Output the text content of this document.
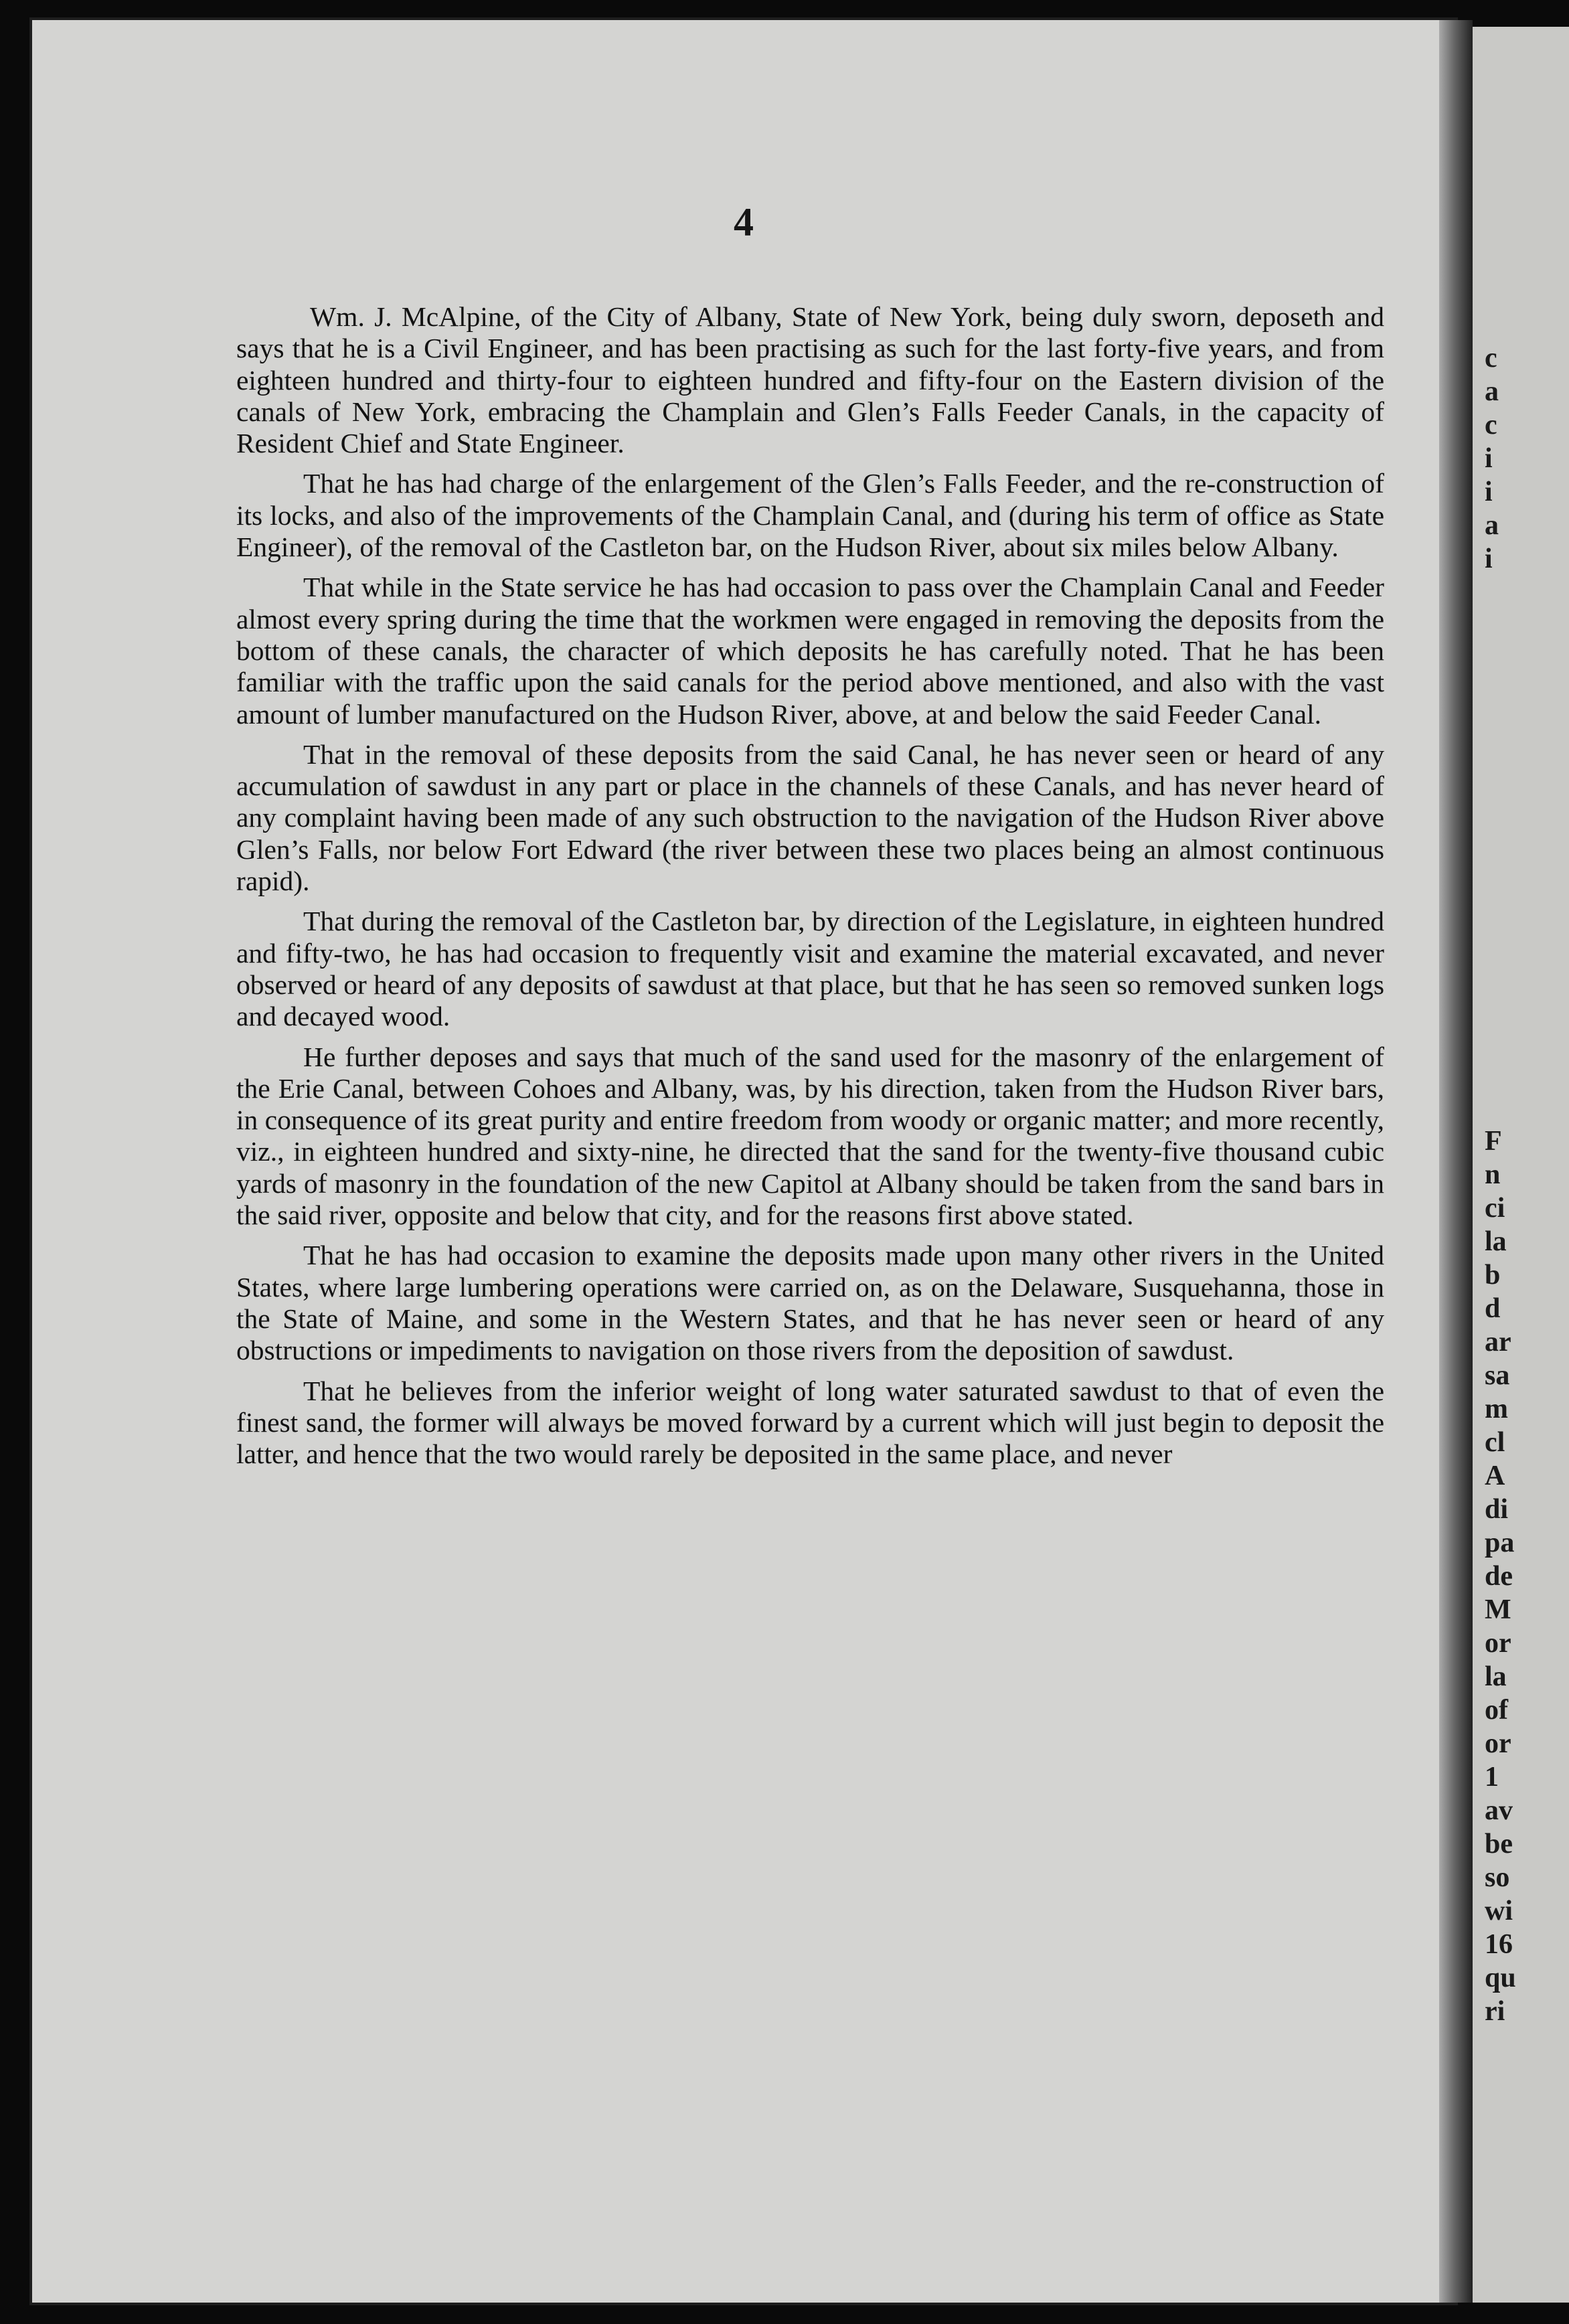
4

Wm. J. McAlpine, of the City of Albany, State of New York, being duly sworn, deposeth and says that he is a Civil Engineer, and has been practising as such for the last forty-five years, and from eighteen hundred and thirty-four to eighteen hundred and fifty-four on the Eastern division of the canals of New York, embracing the Champlain and Glen’s Falls Feeder Canals, in the capacity of Resident Chief and State Engineer.

That he has had charge of the enlargement of the Glen’s Falls Feeder, and the re-construction of its locks, and also of the improvements of the Champlain Canal, and (during his term of office as State Engineer), of the removal of the Castleton bar, on the Hudson River, about six miles below Albany.

That while in the State service he has had occasion to pass over the Champlain Canal and Feeder almost every spring during the time that the workmen were engaged in removing the deposits from the bottom of these canals, the character of which deposits he has carefully noted. That he has been familiar with the traffic upon the said canals for the period above mentioned, and also with the vast amount of lumber manufactured on the Hudson River, above, at and below the said Feeder Canal.

That in the removal of these deposits from the said Canal, he has never seen or heard of any accumulation of sawdust in any part or place in the channels of these Canals, and has never heard of any complaint having been made of any such obstruction to the navigation of the Hudson River above Glen’s Falls, nor below Fort Edward (the river between these two places being an almost continuous rapid).

That during the removal of the Castleton bar, by direction of the Legislature, in eighteen hundred and fifty-two, he has had occasion to frequently visit and examine the material excavated, and never observed or heard of any deposits of sawdust at that place, but that he has seen so removed sunken logs and decayed wood.

He further deposes and says that much of the sand used for the masonry of the enlargement of the Erie Canal, between Cohoes and Albany, was, by his direction, taken from the Hudson River bars, in consequence of its great purity and entire freedom from woody or organic matter; and more recently, viz., in eighteen hundred and sixty-nine, he directed that the sand for the twenty-five thousand cubic yards of masonry in the foundation of the new Capitol at Albany should be taken from the sand bars in the said river, opposite and below that city, and for the reasons first above stated.

That he has had occasion to examine the deposits made upon many other rivers in the United States, where large lumbering operations were carried on, as on the Delaware, Susquehanna, those in the State of Maine, and some in the Western States, and that he has never seen or heard of any obstructions or impediments to navigation on those rivers from the deposition of sawdust.

That he believes from the inferior weight of long water saturated sawdust to that of even the finest sand, the former will always be moved forward by a current which will just begin to deposit the latter, and hence that the two would rarely be deposited in the same place, and never

c
a
c
i
i
a
i
F
n
ci
la
b
d
ar
sa
m
cl
A
di
pa
de
M
or
la
of
or
1
av
be
so
wi
16
qu
ri
